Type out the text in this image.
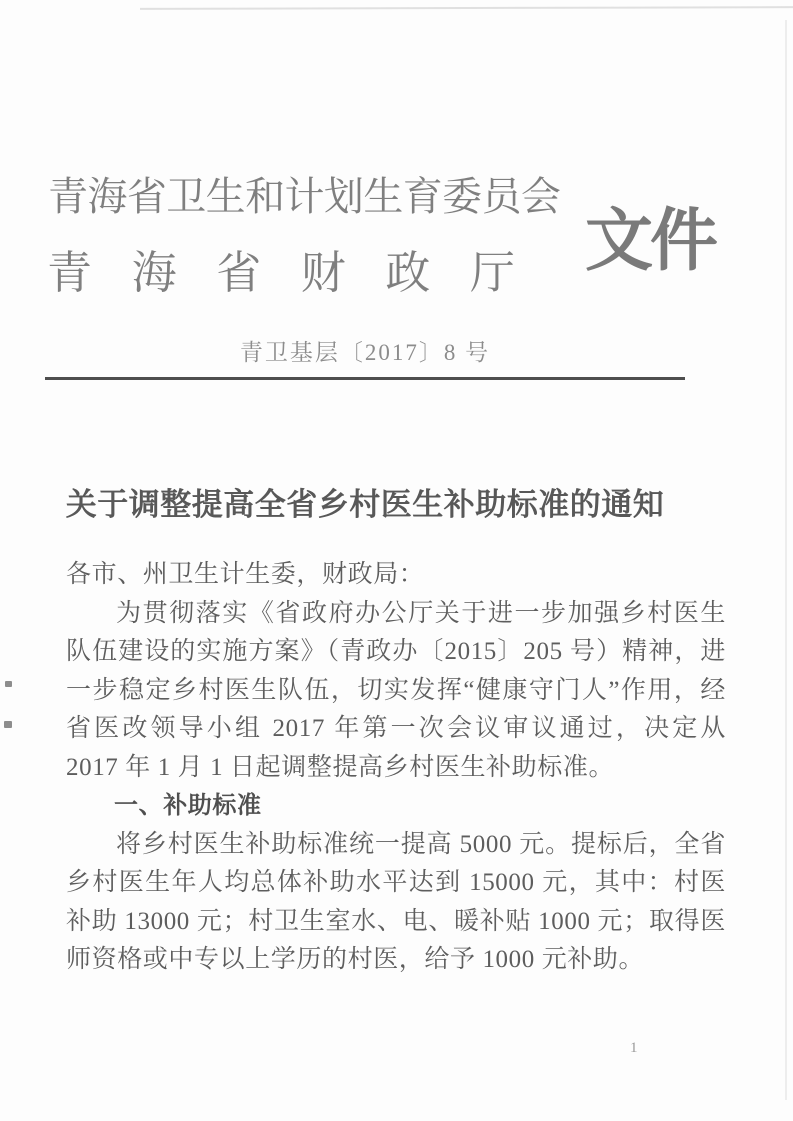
青海省卫生和计划生育委员会
青海省财政厅 文件
青卫基层〔2017〕8 号
关于调整提高全省乡村医生补助标准的通知

各市、州卫生计生委，财政局：

为贯彻落实《省政府办公厅关于进一步加强乡村医生队伍建设的实施方案》（青政办〔2015〕205 号）精神，进一步稳定乡村医生队伍，切实发挥“健康守门人”作用，经省医改领导小组 2017 年第一次会议审议通过，决定从 2017 年 1 月 1 日起调整提高乡村医生补助标准。

一、补助标准

将乡村医生补助标准统一提高 5000 元。提标后，全省乡村医生年人均总体补助水平达到 15000 元，其中：村医补助 13000 元；村卫生室水、电、暖补贴 1000 元；取得医师资格或中专以上学历的村医，给予 1000 元补助。

1
